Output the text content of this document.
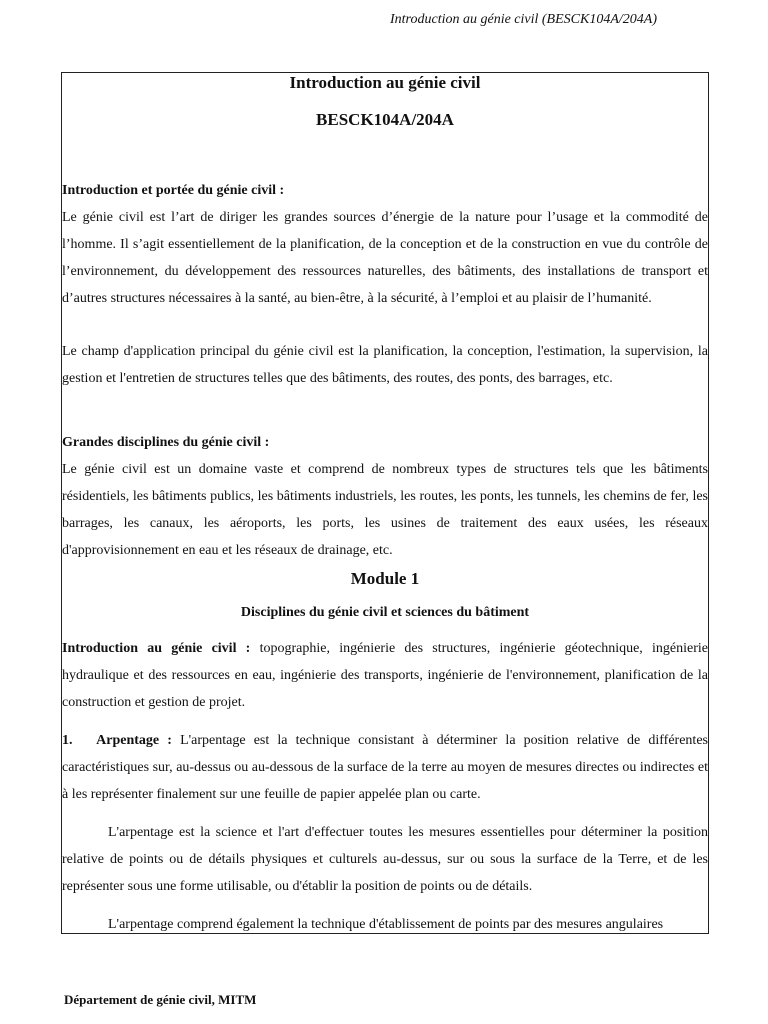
Introduction au génie civil (BESCK104A/204A)
Introduction au génie civil
BESCK104A/204A
Introduction et portée du génie civil :

Le génie civil est l’art de diriger les grandes sources d’énergie de la nature pour l’usage et la commodité de l’homme. Il s’agit essentiellement de la planification, de la conception et de la construction en vue du contrôle de l’environnement, du développement des ressources naturelles, des bâtiments, des installations de transport et d’autres structures nécessaires à la santé, au bien-être, à la sécurité, à l’emploi et au plaisir de l’humanité.

Le champ d'application principal du génie civil est la planification, la conception, l'estimation, la supervision, la gestion et l'entretien de structures telles que des bâtiments, des routes, des ponts, des barrages, etc.

Grandes disciplines du génie civil :

Le génie civil est un domaine vaste et comprend de nombreux types de structures tels que les bâtiments résidentiels, les bâtiments publics, les bâtiments industriels, les routes, les ponts, les tunnels, les chemins de fer, les barrages, les canaux, les aéroports, les ports, les usines de traitement des eaux usées, les réseaux d'approvisionnement en eau et les réseaux de drainage, etc.

Module 1
Disciplines du génie civil et sciences du bâtiment

Introduction au génie civil : topographie, ingénierie des structures, ingénierie géotechnique, ingénierie hydraulique et des ressources en eau, ingénierie des transports, ingénierie de l'environnement, planification de la construction et gestion de projet.

1.   Arpentage : L'arpentage est la technique consistant à déterminer la position relative de différentes caractéristiques sur, au-dessus ou au-dessous de la surface de la terre au moyen de mesures directes ou indirectes et à les représenter finalement sur une feuille de papier appelée plan ou carte.

L'arpentage est la science et l'art d'effectuer toutes les mesures essentielles pour déterminer la position relative de points ou de détails physiques et culturels au-dessus, sur ou sous la surface de la Terre, et de les représenter sous une forme utilisable, ou d'établir la position de points ou de détails.

L'arpentage comprend également la technique d'établissement de points par des mesures angulaires

Département de génie civil, MITM
